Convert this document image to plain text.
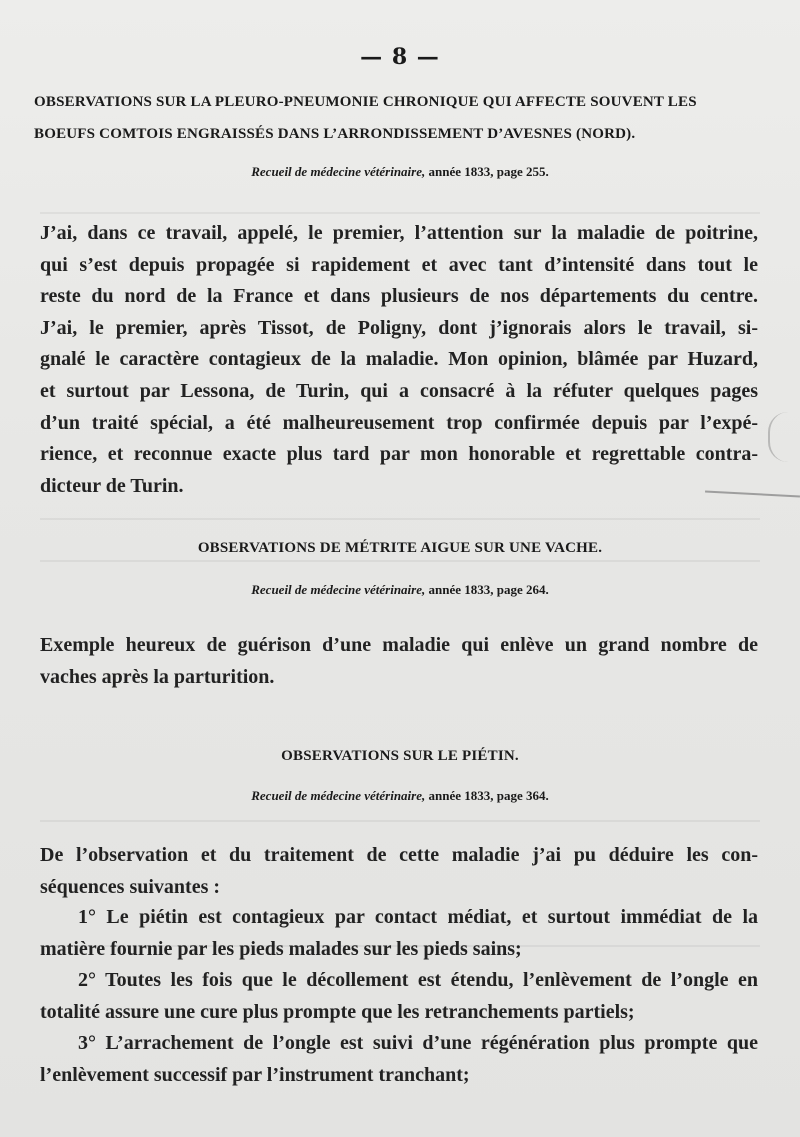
— 8 —
OBSERVATIONS SUR LA PLEURO-PNEUMONIE CHRONIQUE QUI AFFECTE SOUVENT LES
BOEUFS COMTOIS ENGRAISSÉS DANS L’ARRONDISSEMENT D’AVESNES (NORD).
Recueil de médecine vétérinaire, année 1833, page 255.
J’ai, dans ce travail, appelé, le premier, l’attention sur la maladie de poitrine,
qui s’est depuis propagée si rapidement et avec tant d’intensité dans tout le
reste du nord de la France et dans plusieurs de nos départements du centre.
J’ai, le premier, après Tissot, de Poligny, dont j’ignorais alors le travail, si-
gnalé le caractère contagieux de la maladie. Mon opinion, blâmée par Huzard,
et surtout par Lessona, de Turin, qui a consacré à la réfuter quelques pages
d’un traité spécial, a été malheureusement trop confirmée depuis par l’expé-
rience, et reconnue exacte plus tard par mon honorable et regrettable contra-
dicteur de Turin.
OBSERVATIONS DE MÉTRITE AIGUE SUR UNE VACHE.
Recueil de médecine vétérinaire, année 1833, page 264.
Exemple heureux de guérison d’une maladie qui enlève un grand nombre de
vaches après la parturition.
OBSERVATIONS SUR LE PIÉTIN.
Recueil de médecine vétérinaire, année 1833, page 364.
De l’observation et du traitement de cette maladie j’ai pu déduire les con-
séquences suivantes :
1° Le piétin est contagieux par contact médiat, et surtout immédiat de la
matière fournie par les pieds malades sur les pieds sains;
2° Toutes les fois que le décollement est étendu, l’enlèvement de l’ongle en
totalité assure une cure plus prompte que les retranchements partiels;
3° L’arrachement de l’ongle est suivi d’une régénération plus prompte que
l’enlèvement successif par l’instrument tranchant;
